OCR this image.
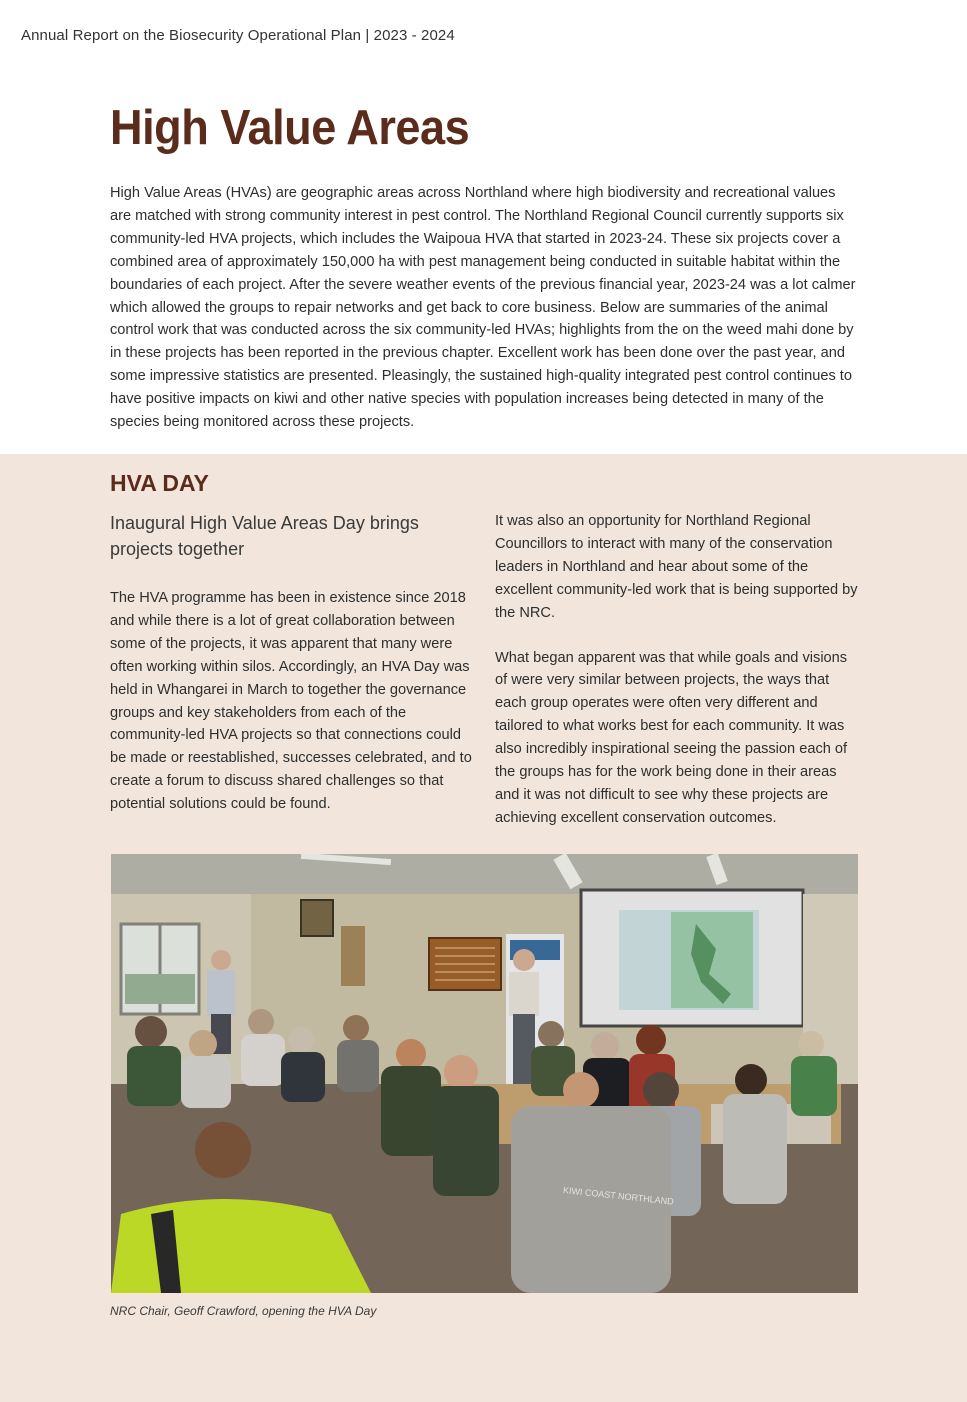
Annual Report on the Biosecurity Operational Plan | 2023 - 2024
High Value Areas

High Value Areas (HVAs) are geographic areas across Northland where high biodiversity and recreational values are matched with strong community interest in pest control. The Northland Regional Council currently supports six community-led HVA projects, which includes the Waipoua HVA that started in 2023-24. These six projects cover a combined area of approximately 150,000 ha with pest management being conducted in suitable habitat within the boundaries of each project. After the severe weather events of the previous financial year, 2023-24 was a lot calmer which allowed the groups to repair networks and get back to core business. Below are summaries of the animal control work that was conducted across the six community-led HVAs; highlights from the on the weed mahi done by in these projects has been reported in the previous chapter. Excellent work has been done over the past year, and some impressive statistics are presented. Pleasingly, the sustained high-quality integrated pest control continues to have positive impacts on kiwi and other native species with population increases being detected in many of the species being monitored across these projects.

HVA DAY
Inaugural High Value Areas Day brings projects together

The HVA programme has been in existence since 2018 and while there is a lot of great collaboration between some of the projects, it was apparent that many were often working within silos. Accordingly, an HVA Day was held in Whangarei in March to together the governance groups and key stakeholders from each of the community-led HVA projects so that connections could be made or reestablished, successes celebrated, and to create a forum to discuss shared challenges so that potential solutions could be found.

It was also an opportunity for Northland Regional Councillors to interact with many of the conservation leaders in Northland and hear about some of the excellent community-led work that is being supported by the NRC.

What began apparent was that while goals and visions of were very similar between projects, the ways that each group operates were often very different and tailored to what works best for each community. It was also incredibly inspirational seeing the passion each of the groups has for the work being done in their areas and it was not difficult to see why these projects are achieving excellent conservation outcomes.

KIWI COAST NORTHLAND

NRC Chair, Geoff Crawford, opening the HVA Day
